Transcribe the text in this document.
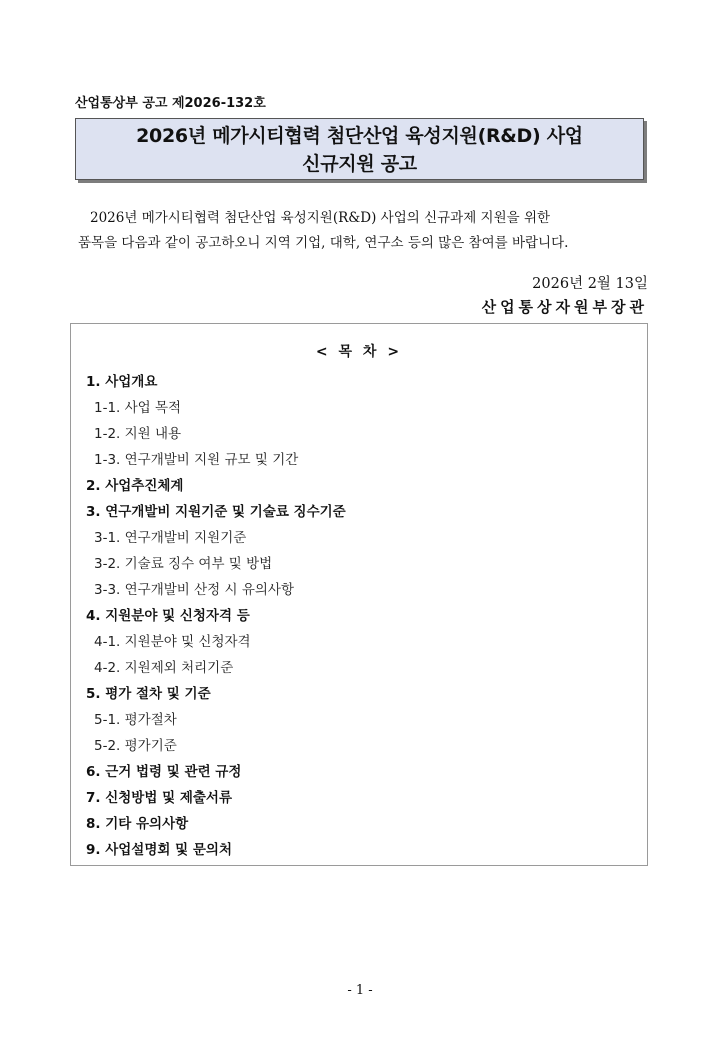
산업통상부 공고 제2026-132호
2026년 메가시티협력 첨단산업 육성지원(R&D) 사업
신규지원 공고
2026년 메가시티협력 첨단산업 육성지원(R&D) 사업의 신규과제 지원을 위한
품목을 다음과 같이 공고하오니 지역 기업, 대학, 연구소 등의 많은 참여를 바랍니다.
2026년 2월 13일
산업통상자원부장관
< 목 차 >
1. 사업개요
1-1. 사업 목적
1-2. 지원 내용
1-3. 연구개발비 지원 규모 및 기간
2. 사업추진체계
3. 연구개발비 지원기준 및 기술료 징수기준
3-1. 연구개발비 지원기준
3-2. 기술료 징수 여부 및 방법
3-3. 연구개발비 산정 시 유의사항
4. 지원분야 및 신청자격 등
4-1. 지원분야 및 신청자격
4-2. 지원제외 처리기준
5. 평가 절차 및 기준
5-1. 평가절차
5-2. 평가기준
6. 근거 법령 및 관련 규정
7. 신청방법 및 제출서류
8. 기타 유의사항
9. 사업설명회 및 문의처
- 1 -
